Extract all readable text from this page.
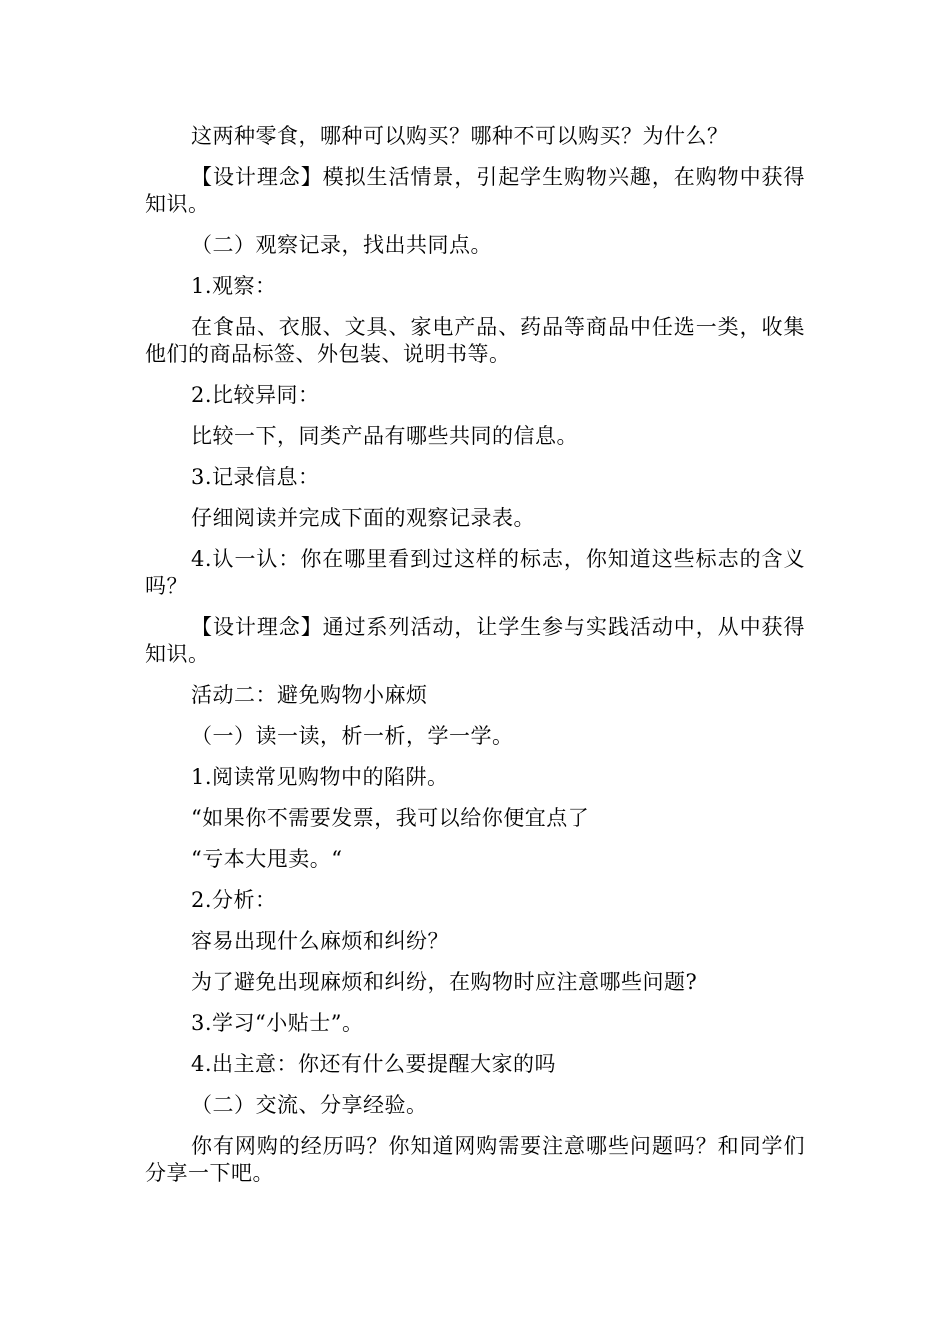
这两种零食，哪种可以购买？哪种不可以购买？为什么？

【设计理念】模拟生活情景，引起学生购物兴趣，在购物中获得知识。

（二）观察记录，找出共同点。

1.观察：

在食品、衣服、文具、家电产品、药品等商品中任选一类，收集他们的商品标签、外包装、说明书等。

2.比较异同：

比较一下，同类产品有哪些共同的信息。

3.记录信息：

仔细阅读并完成下面的观察记录表。

4.认一认：你在哪里看到过这样的标志，你知道这些标志的含义吗？

【设计理念】通过系列活动，让学生参与实践活动中，从中获得知识。

活动二：避免购物小麻烦

（一）读一读，析一析，学一学。

1.阅读常见购物中的陷阱。

“如果你不需要发票，我可以给你便宜点了

“亏本大甩卖。“

2.分析：

容易出现什么麻烦和纠纷？

为了避免出现麻烦和纠纷，在购物时应注意哪些问题?

3.学习“小贴士”。

4.出主意：你还有什么要提醒大家的吗

（二）交流、分享经验。

你有网购的经历吗？你知道网购需要注意哪些问题吗？和同学们分享一下吧。
